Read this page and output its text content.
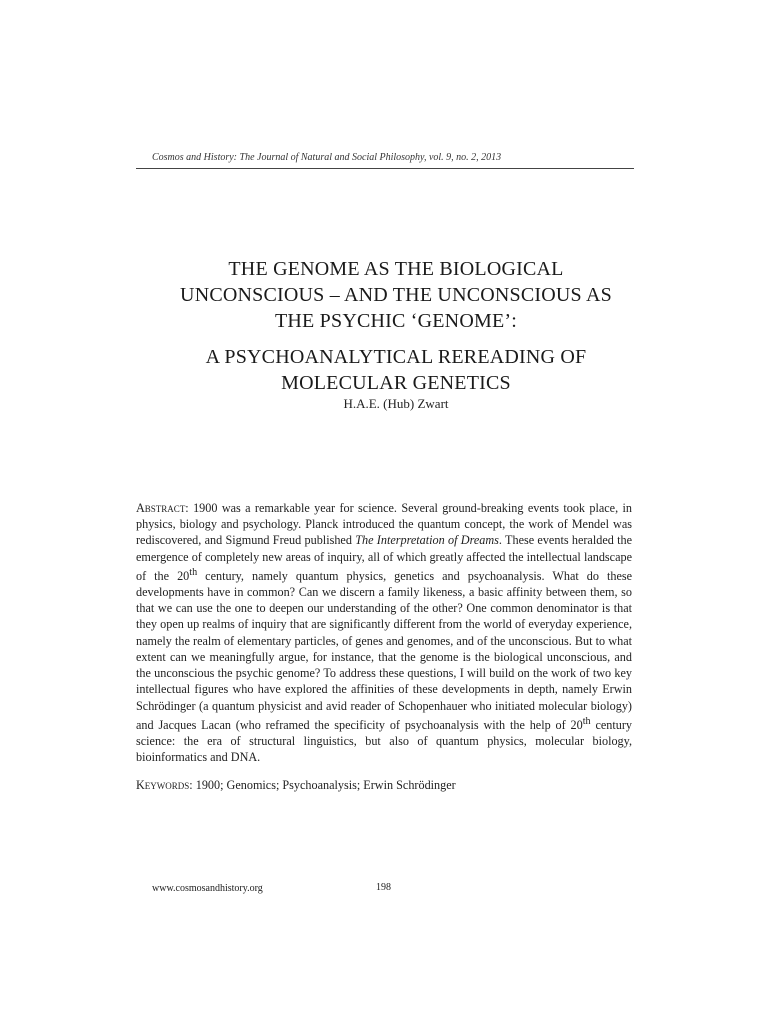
Cosmos and History: The Journal of Natural and Social Philosophy, vol. 9, no. 2, 2013
THE GENOME AS THE BIOLOGICAL
UNCONSCIOUS – AND THE UNCONSCIOUS AS
THE PSYCHIC ‘GENOME’:
A PSYCHOANALYTICAL REREADING OF
MOLECULAR GENETICS
H.A.E. (Hub) Zwart

Abstract: 1900 was a remarkable year for science. Several ground-breaking events took place, in physics, biology and psychology. Planck introduced the quantum concept, the work of Mendel was rediscovered, and Sigmund Freud published The Interpretation of Dreams. These events heralded the emergence of completely new areas of inquiry, all of which greatly affected the intellectual landscape of the 20th century, namely quantum physics, genetics and psychoanalysis. What do these developments have in common? Can we discern a family likeness, a basic affinity between them, so that we can use the one to deepen our understanding of the other? One common denominator is that they open up realms of inquiry that are significantly different from the world of everyday experience, namely the realm of elementary particles, of genes and genomes, and of the unconscious. But to what extent can we meaningfully argue, for instance, that the genome is the biological unconscious, and the unconscious the psychic genome? To address these questions, I will build on the work of two key intellectual figures who have explored the affinities of these developments in depth, namely Erwin Schrödinger (a quantum physicist and avid reader of Schopenhauer who initiated molecular biology) and Jacques Lacan (who reframed the specificity of psychoanalysis with the help of 20th century science: the era of structural linguistics, but also of quantum physics, molecular biology, bioinformatics and DNA.

Keywords: 1900; Genomics; Psychoanalysis; Erwin Schrödinger

www.cosmosandhistory.org	198
